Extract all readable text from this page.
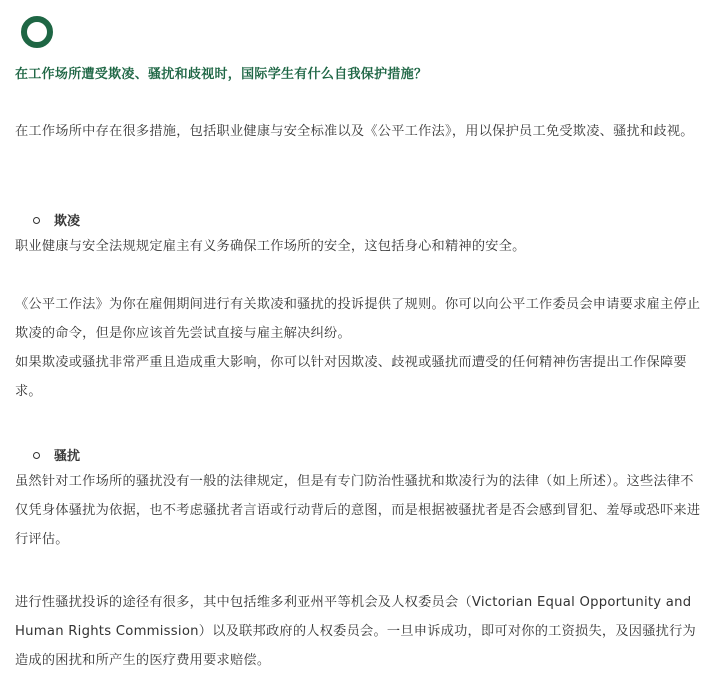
在工作场所遭受欺凌、骚扰和歧视时，国际学生有什么自我保护措施？

在工作场所中存在很多措施，包括职业健康与安全标准以及《公平工作法》，用以保护员工免受欺凌、骚扰和歧视。

欺凌

职业健康与安全法规规定雇主有义务确保工作场所的安全，这包括身心和精神的安全。

《公平工作法》为你在雇佣期间进行有关欺凌和骚扰的投诉提供了规则。你可以向公平工作委员会申请要求雇主停止欺凌的命令，但是你应该首先尝试直接与雇主解决纠纷。

如果欺凌或骚扰非常严重且造成重大影响，你可以针对因欺凌、歧视或骚扰而遭受的任何精神伤害提出工作保障要求。

骚扰

虽然针对工作场所的骚扰没有一般的法律规定，但是有专门防治性骚扰和欺凌行为的法律（如上所述）。这些法律不仅凭身体骚扰为依据，也不考虑骚扰者言语或行动背后的意图，而是根据被骚扰者是否会感到冒犯、羞辱或恐吓来进行评估。

进行性骚扰投诉的途径有很多，其中包括维多利亚州平等机会及人权委员会（Victorian Equal Opportunity and Human Rights Commission）以及联邦政府的人权委员会。一旦申诉成功，即可对你的工资损失，及因骚扰行为造成的困扰和所产生的医疗费用要求赔偿。
